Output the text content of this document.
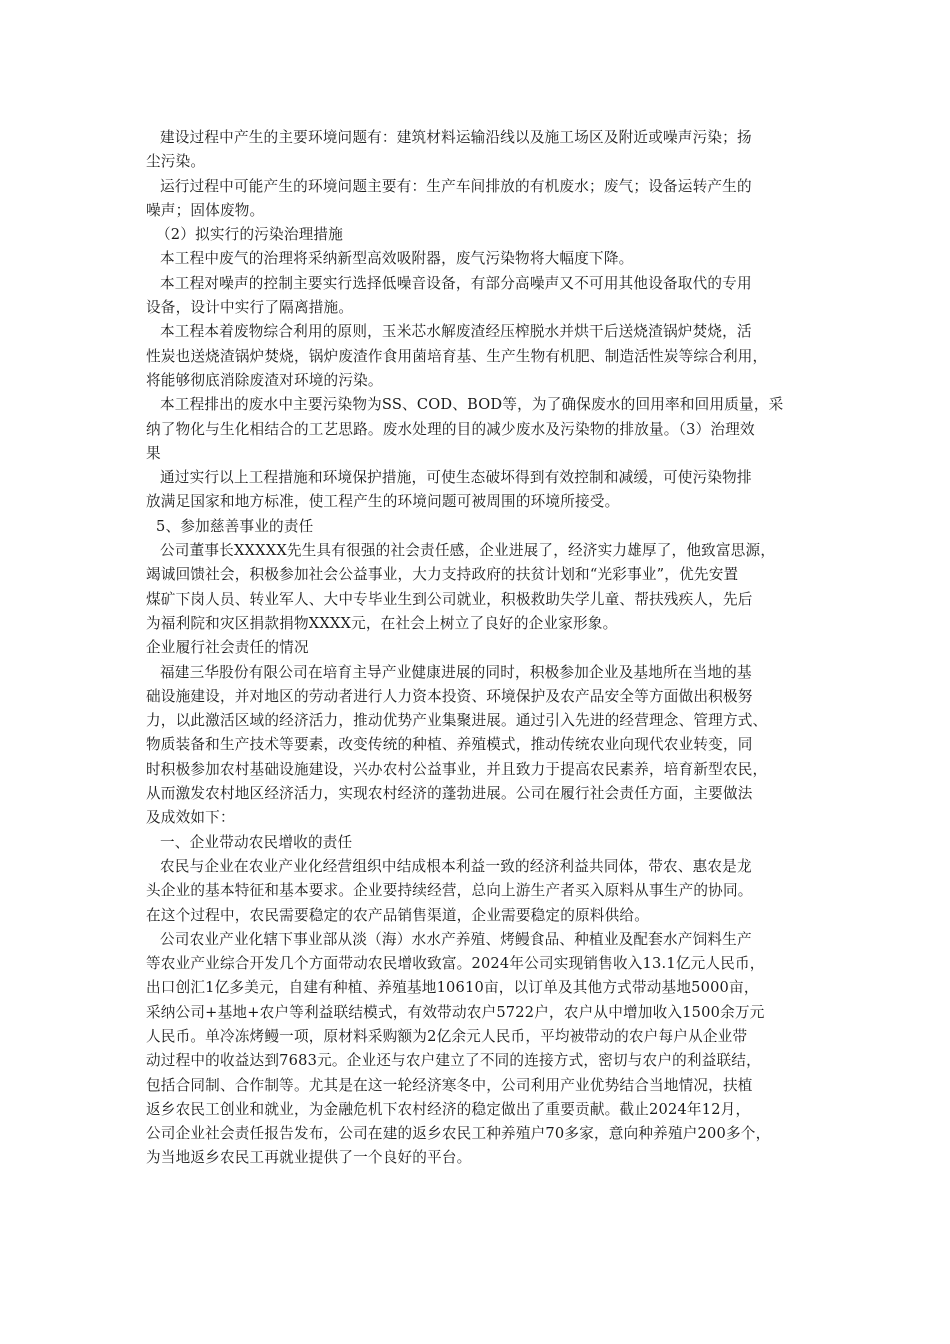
建设过程中产生的主要环境问题有：建筑材料运输沿线以及施工场区及附近或噪声污染；扬
尘污染。
运行过程中可能产生的环境问题主要有：生产车间排放的有机废水；废气；设备运转产生的
噪声；固体废物。
（2）拟实行的污染治理措施
本工程中废气的治理将采纳新型高效吸附器，废气污染物将大幅度下降。
本工程对噪声的控制主要实行选择低噪音设备，有部分高噪声又不可用其他设备取代的专用
设备，设计中实行了隔离措施。
本工程本着废物综合利用的原则，玉米芯水解废渣经压榨脱水并烘干后送烧渣锅炉焚烧，活
性炭也送烧渣锅炉焚烧，锅炉废渣作食用菌培育基、生产生物有机肥、制造活性炭等综合利用，
将能够彻底消除废渣对环境的污染。
本工程排出的废水中主要污染物为SS、COD、BOD等，为了确保废水的回用率和回用质量，采
纳了物化与生化相结合的工艺思路。废水处理的目的减少废水及污染物的排放量。（3）治理效
果
通过实行以上工程措施和环境保护措施，可使生态破坏得到有效控制和减缓，可使污染物排
放满足国家和地方标准，使工程产生的环境问题可被周围的环境所接受。
5、参加慈善事业的责任
公司董事长XXXXX先生具有很强的社会责任感，企业进展了，经济实力雄厚了，他致富思源，
竭诚回馈社会，积极参加社会公益事业，大力支持政府的扶贫计划和“光彩事业”，优先安置
煤矿下岗人员、转业军人、大中专毕业生到公司就业，积极救助失学儿童、帮扶残疾人，先后
为福利院和灾区捐款捐物XXXX元，在社会上树立了良好的企业家形象。
企业履行社会责任的情况
福建三华股份有限公司在培育主导产业健康进展的同时，积极参加企业及基地所在当地的基
础设施建设，并对地区的劳动者进行人力资本投资、环境保护及农产品安全等方面做出积极努
力，以此激活区域的经济活力，推动优势产业集聚进展。通过引入先进的经营理念、管理方式、
物质装备和生产技术等要素，改变传统的种植、养殖模式，推动传统农业向现代农业转变，同
时积极参加农村基础设施建设，兴办农村公益事业，并且致力于提高农民素养，培育新型农民，
从而激发农村地区经济活力，实现农村经济的蓬勃进展。公司在履行社会责任方面，主要做法
及成效如下：
一、企业带动农民增收的责任
农民与企业在农业产业化经营组织中结成根本利益一致的经济利益共同体，带农、惠农是龙
头企业的基本特征和基本要求。企业要持续经营，总向上游生产者买入原料从事生产的协同。
在这个过程中，农民需要稳定的农产品销售渠道，企业需要稳定的原料供给。
公司农业产业化辖下事业部从淡（海）水水产养殖、烤鳗食品、种植业及配套水产饲料生产
等农业产业综合开发几个方面带动农民增收致富。2024年公司实现销售收入13.1亿元人民币，
出口创汇1亿多美元，自建有种植、养殖基地10610亩，以订单及其他方式带动基地5000亩，
采纳公司+基地+农户等利益联结模式，有效带动农户5722户，农户从中增加收入1500余万元
人民币。单冷冻烤鳗一项，原材料采购额为2亿余元人民币，平均被带动的农户每户从企业带
动过程中的收益达到7683元。企业还与农户建立了不同的连接方式，密切与农户的利益联结，
包括合同制、合作制等。尤其是在这一轮经济寒冬中，公司利用产业优势结合当地情况，扶植
返乡农民工创业和就业，为金融危机下农村经济的稳定做出了重要贡献。截止2024年12月，
公司企业社会责任报告发布，公司在建的返乡农民工种养殖户70多家，意向种养殖户200多个，
为当地返乡农民工再就业提供了一个良好的平台。
